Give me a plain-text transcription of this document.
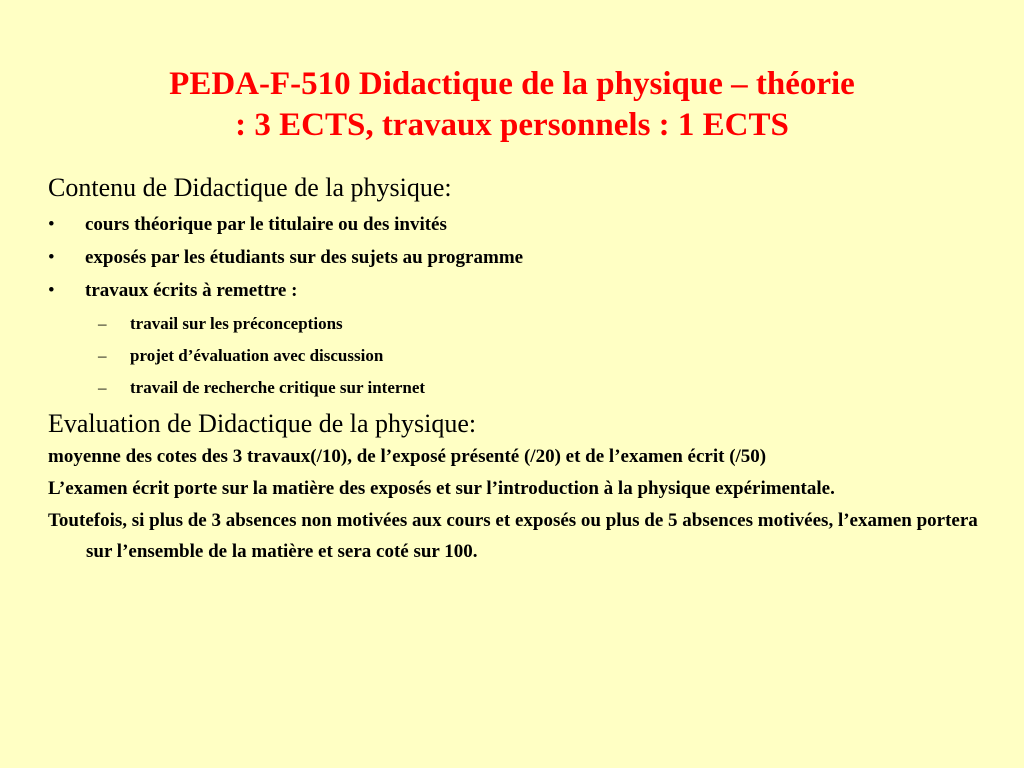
PEDA-F-510 Didactique de la physique – théorie
: 3 ECTS, travaux personnels : 1 ECTS
Contenu de Didactique de la physique:
• cours théorique par le titulaire ou des invités
• exposés par les étudiants sur des sujets au programme
• travaux écrits à remettre :
– travail sur les préconceptions
– projet d’évaluation avec discussion
– travail de recherche critique sur internet
Evaluation de Didactique de la physique:
moyenne des cotes des 3 travaux(/10), de l’exposé présenté (/20) et de l’examen écrit (/50)
L’examen écrit porte sur la matière des exposés et sur l’introduction à la physique expérimentale.
Toutefois, si plus de 3 absences non motivées aux cours et exposés ou plus de 5 absences motivées, l’examen portera sur l’ensemble de la matière et sera coté sur 100.
